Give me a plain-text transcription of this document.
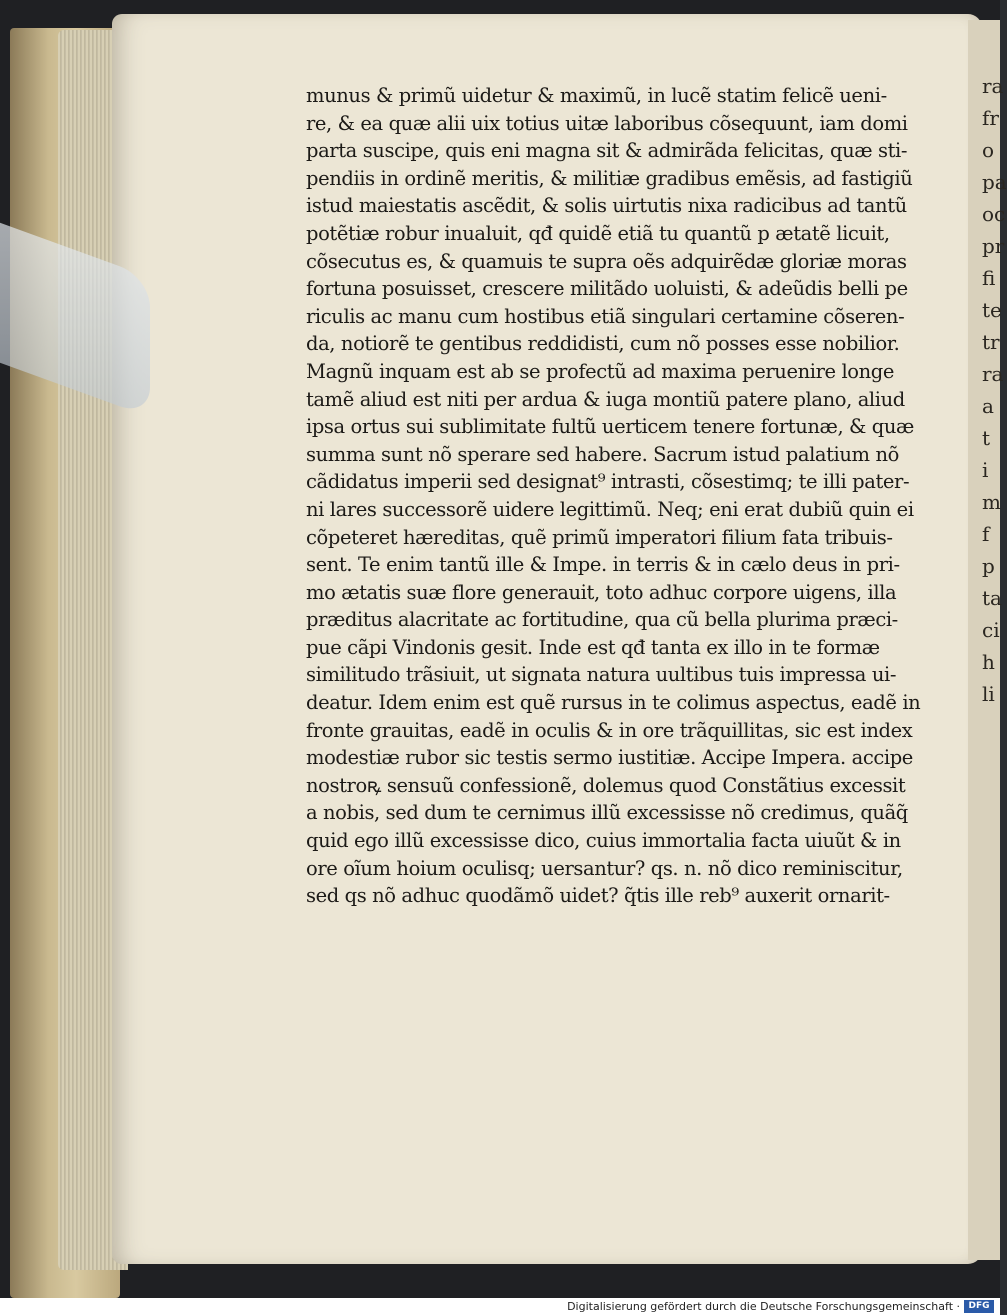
ra
fr
o
pa
oc
pr
fi
te
tr
ra
a
t
i
m
f
p
ta
ci
h
li
munus & primũ uidetur & maximũ, in lucẽ statim felicẽ ueni-
re, & ea quæ alii uix totius uitæ laboribus cõsequunt, iam domi
parta suscipe, quis eni magna sit & admirãda felicitas, quæ sti-
pendiis in ordinẽ meritis, & militiæ gradibus emẽsis, ad fastigiũ
istud maiestatis ascẽdit, & solis uirtutis nixa radicibus ad tantũ
potẽtiæ robur inualuit, qđ quidẽ etiã tu quantũ p ætatẽ licuit,
cõsecutus es, & quamuis te supra oẽs adquirẽdæ gloriæ moras
fortuna posuisset, crescere militãdo uoluisti, & adeũdis belli pe
riculis ac manu cum hostibus etiã singulari certamine cõseren-
da, notiorẽ te gentibus reddidisti, cum nõ posses esse nobilior.
Magnũ inquam est ab se profectũ ad maxima peruenire longe
tamẽ aliud est niti per ardua & iuga montiũ patere plano, aliud
ipsa ortus sui sublimitate fultũ uerticem tenere fortunæ, & quæ
summa sunt nõ sperare sed habere. Sacrum istud palatium nõ
cãdidatus imperii sed designat⁹ intrasti, cõsestimq; te illi pater-
ni lares successorẽ uidere legittimũ. Neq; eni erat dubiũ quin ei
cõpeteret hæreditas, quẽ primũ imperatori filium fata tribuis-
sent. Te enim tantũ ille & Impe. in terris & in cælo deus in pri-
mo ætatis suæ flore generauit, toto adhuc corpore uigens, illa
præditus alacritate ac fortitudine, qua cũ bella plurima præci-
pue cãpi Vindonis gesit. Inde est qđ tanta ex illo in te formæ
similitudo trãsiuit, ut signata natura uultibus tuis impressa ui-
deatur. Idem enim est quẽ rursus in te colimus aspectus, eadẽ in
fronte grauitas, eadẽ in oculis & in ore trãquillitas, sic est index
modestiæ rubor sic testis sermo iustitiæ. Accipe Impera. accipe
nostroꝶ sensuũ confessionẽ, dolemus quod Constãtius excessit
a nobis, sed dum te cernimus illũ excessisse nõ credimus, quãq̃
quid ego illũ excessisse dico, cuius immortalia facta uiuũt & in
ore oĩum hoium oculisq; uersantur? qs. n. nõ dico reminiscitur,
sed qs nõ adhuc quodãmõ uidet? q̃tis ille reb⁹ auxerit ornarit-
Digitalisierung gefördert durch die Deutsche Forschungsgemeinschaft · DFG
